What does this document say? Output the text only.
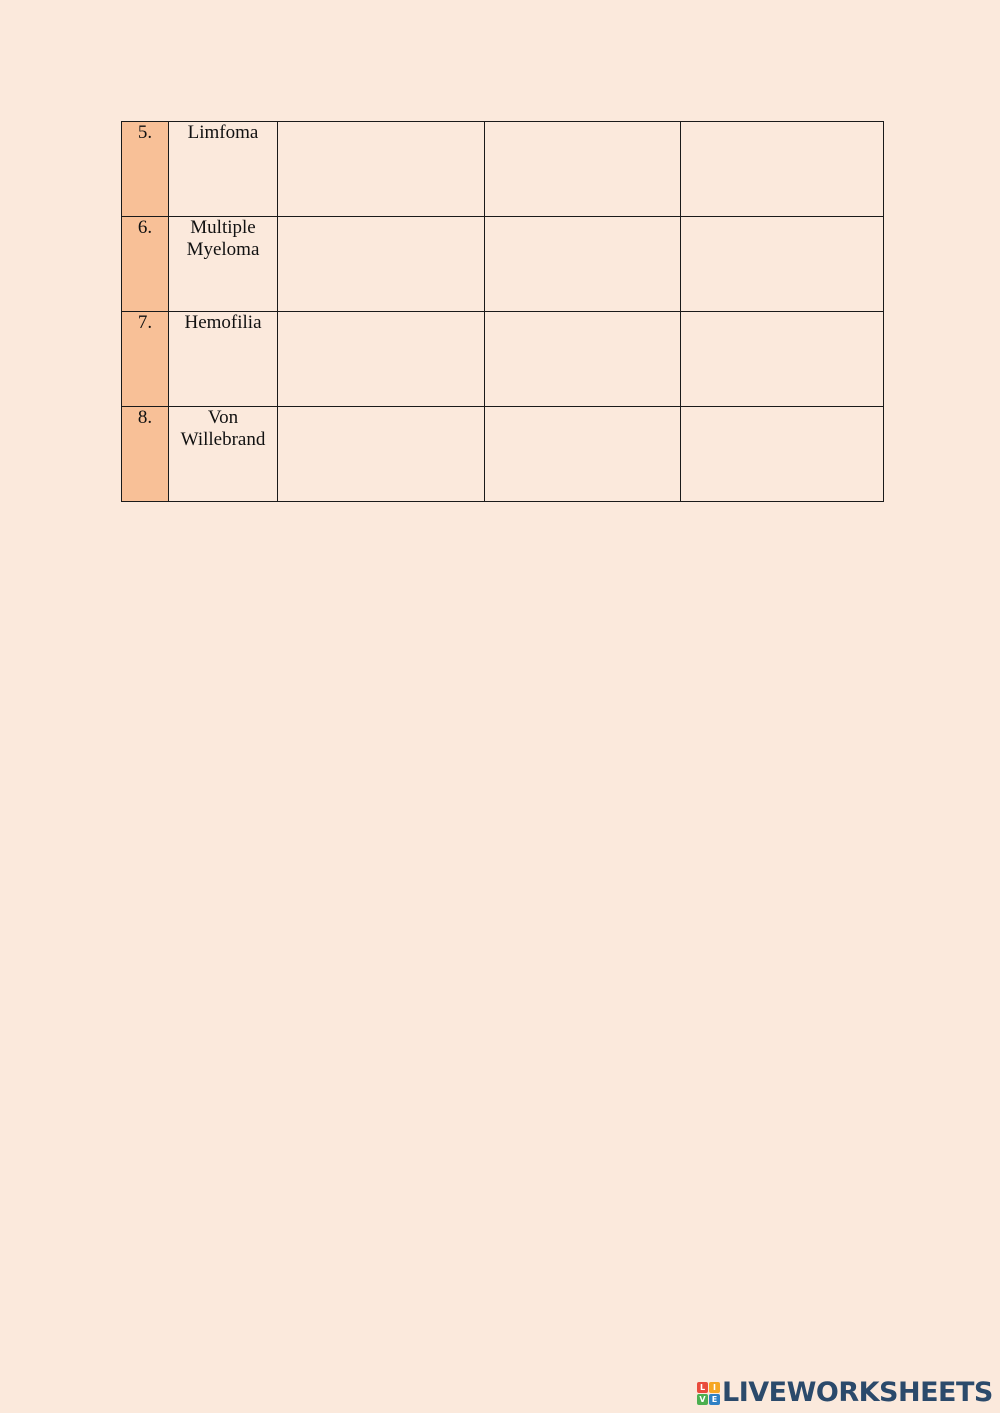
5.	Limfoma			

6.	Multiple
Myeloma			

7.	Hemofilia			

8.	Von
Willebrand			

L I
V E LIVEWORKSHEETS
